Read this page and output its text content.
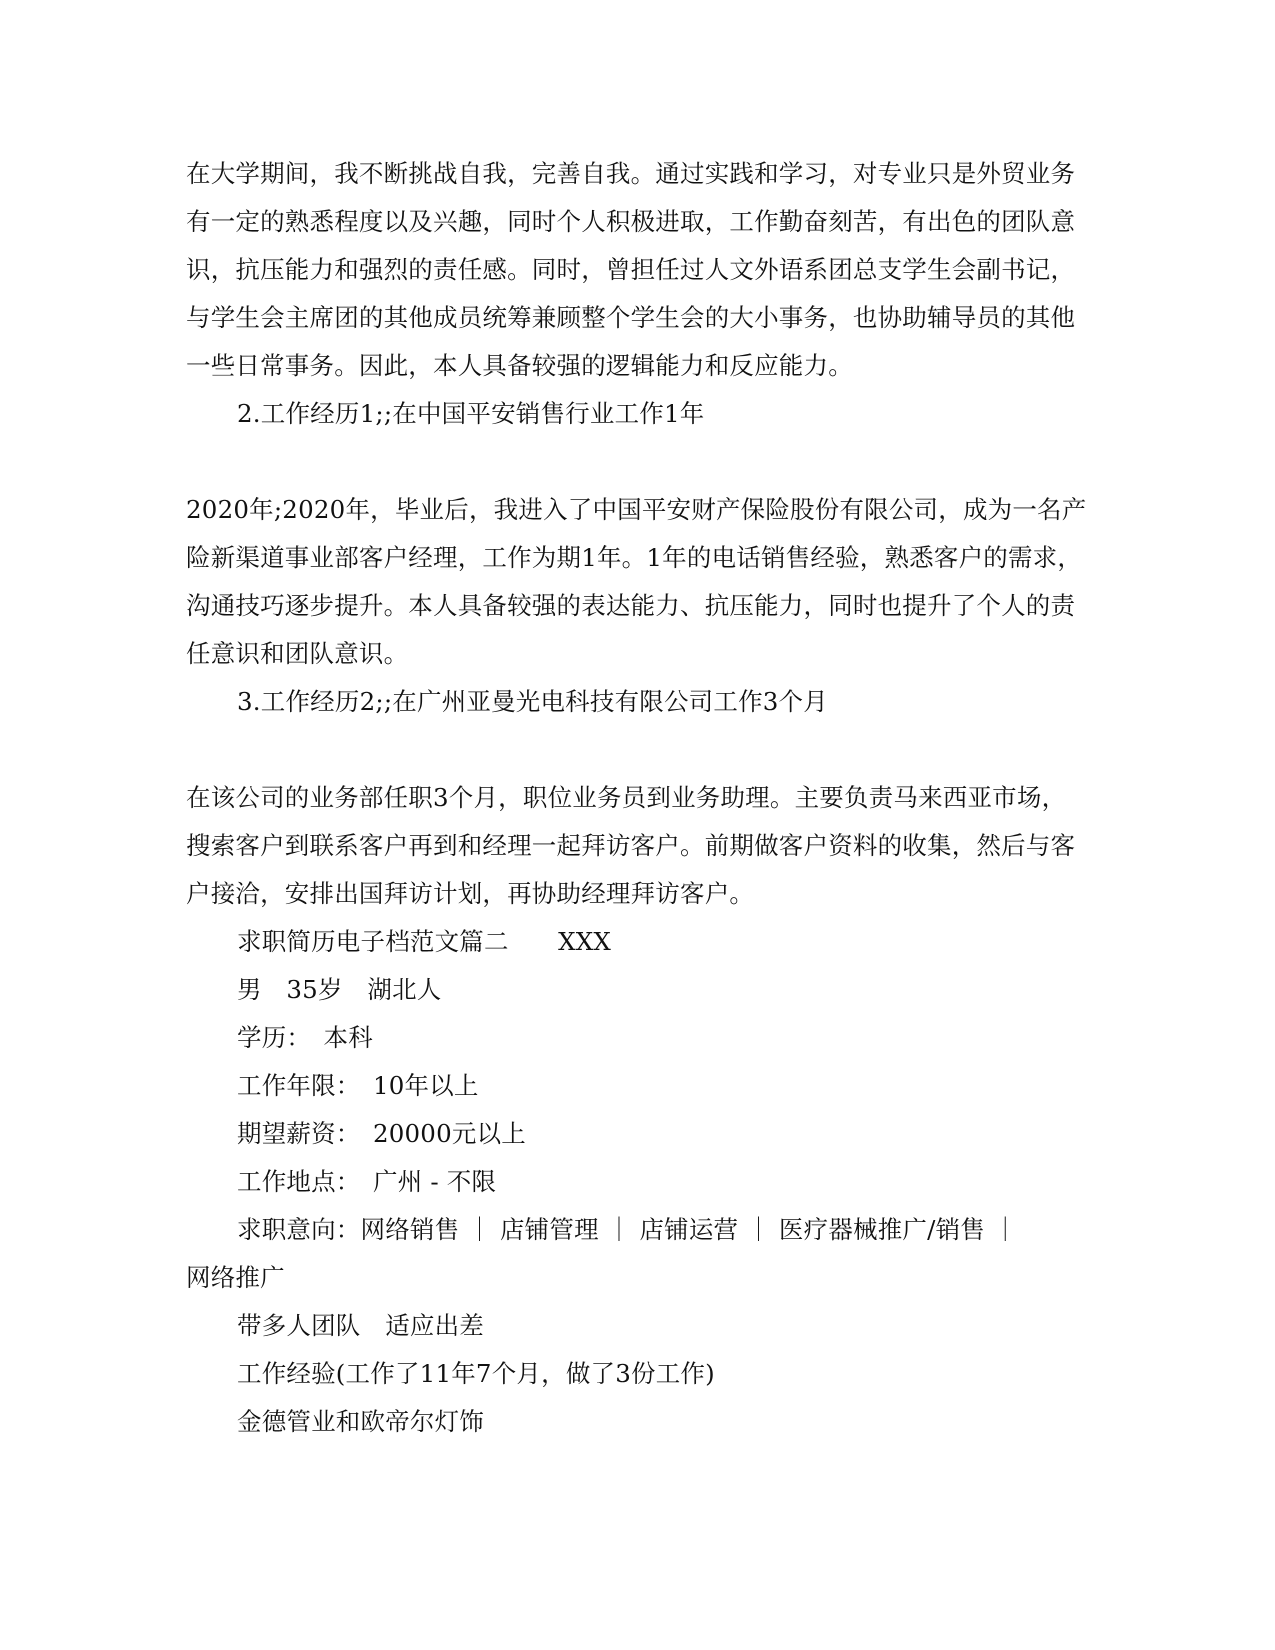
在大学期间，我不断挑战自我，完善自我。通过实践和学习，对专业只是外贸业务
有一定的熟悉程度以及兴趣，同时个人积极进取，工作勤奋刻苦，有出色的团队意
识，抗压能力和强烈的责任感。同时，曾担任过人文外语系团总支学生会副书记，
与学生会主席团的其他成员统筹兼顾整个学生会的大小事务，也协助辅导员的其他
一些日常事务。因此，本人具备较强的逻辑能力和反应能力。
2.工作经历1;;在中国平安销售行业工作1年
2020年;2020年，毕业后，我进入了中国平安财产保险股份有限公司，成为一名产
险新渠道事业部客户经理，工作为期1年。1年的电话销售经验，熟悉客户的需求，
沟通技巧逐步提升。本人具备较强的表达能力、抗压能力，同时也提升了个人的责
任意识和团队意识。
3.工作经历2;;在广州亚曼光电科技有限公司工作3个月
在该公司的业务部任职3个月，职位业务员到业务助理。主要负责马来西亚市场，
搜索客户到联系客户再到和经理一起拜访客户。前期做客户资料的收集，然后与客
户接洽，安排出国拜访计划，再协助经理拜访客户。
求职简历电子档范文篇二　　XXX
男　35岁　湖北人
学历：　本科
工作年限：　10年以上
期望薪资：　20000元以上
工作地点：　广州 - 不限
求职意向：网络销售 ｜ 店铺管理 ｜ 店铺运营 ｜ 医疗器械推广/销售 ｜
网络推广
带多人团队　适应出差
工作经验(工作了11年7个月，做了3份工作)
金德管业和欧帝尔灯饰
